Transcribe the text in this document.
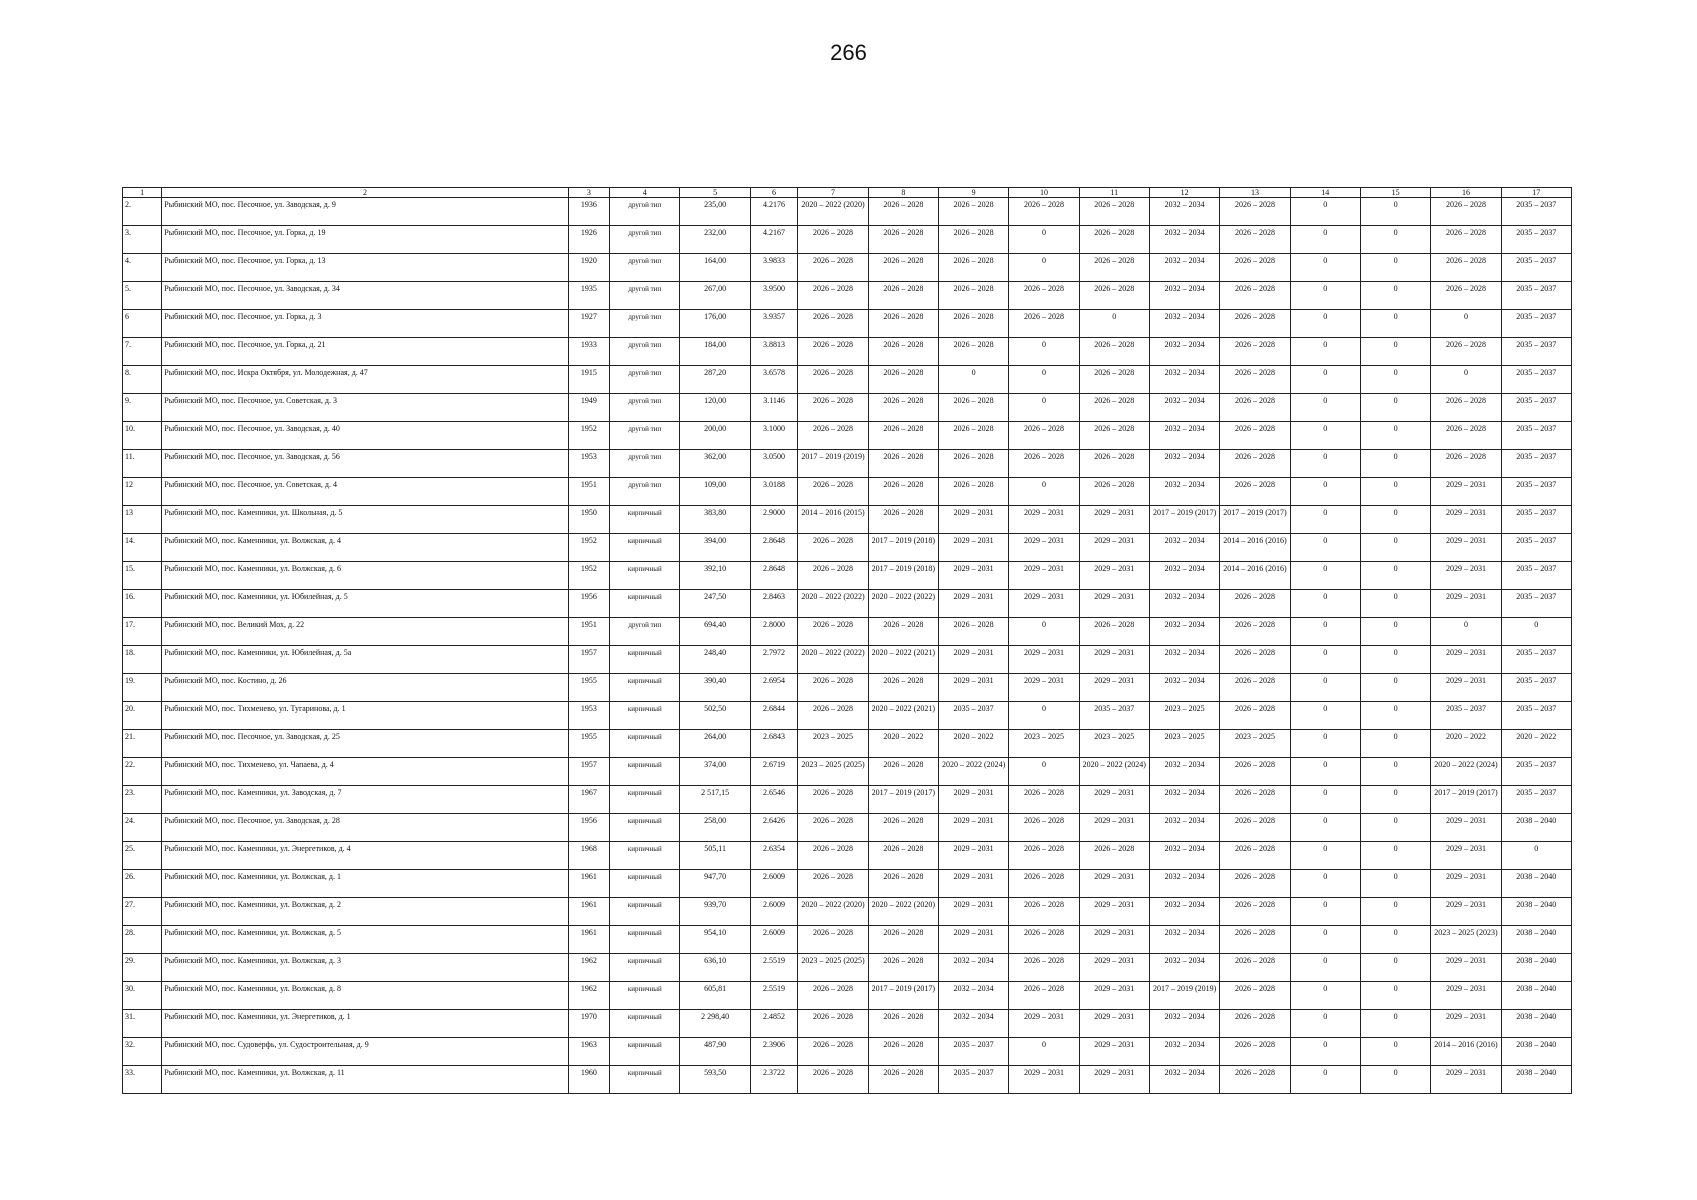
266
1	2	3	4	5	6	7	8	9	10	11	12	13	14	15	16	17
2.	Рыбинский МО, пос. Песочное, ул. Заводская, д. 9	1936	другой тип	235,00	4.2176	2020 – 2022 (2020)	2026 – 2028	2026 – 2028	2026 – 2028	2026 – 2028	2032 – 2034	2026 – 2028	0	0	2026 – 2028	2035 – 2037
3.	Рыбинский МО, пос. Песочное, ул. Горка, д. 19	1926	другой тип	232,00	4.2167	2026 – 2028	2026 – 2028	2026 – 2028	0	2026 – 2028	2032 – 2034	2026 – 2028	0	0	2026 – 2028	2035 – 2037
4.	Рыбинский МО, пос. Песочное, ул. Горка, д. 13	1920	другой тип	164,00	3.9833	2026 – 2028	2026 – 2028	2026 – 2028	0	2026 – 2028	2032 – 2034	2026 – 2028	0	0	2026 – 2028	2035 – 2037
5.	Рыбинский МО, пос. Песочное, ул. Заводская, д. 34	1935	другой тип	267,00	3.9500	2026 – 2028	2026 – 2028	2026 – 2028	2026 – 2028	2026 – 2028	2032 – 2034	2026 – 2028	0	0	2026 – 2028	2035 – 2037
6	Рыбинский МО, пос. Песочное, ул. Горка, д. 3	1927	другой тип	176,00	3.9357	2026 – 2028	2026 – 2028	2026 – 2028	2026 – 2028	0	2032 – 2034	2026 – 2028	0	0	0	2035 – 2037
7.	Рыбинский МО, пос. Песочное, ул. Горка, д. 21	1933	другой тип	184,00	3.8813	2026 – 2028	2026 – 2028	2026 – 2028	0	2026 – 2028	2032 – 2034	2026 – 2028	0	0	2026 – 2028	2035 – 2037
8.	Рыбинский МО, пос. Искра Октября, ул. Молодежная, д. 47	1915	другой тип	287,20	3.6578	2026 – 2028	2026 – 2028	0	0	2026 – 2028	2032 – 2034	2026 – 2028	0	0	0	2035 – 2037
9.	Рыбинский МО, пос. Песочное, ул. Советская, д. 3	1949	другой тип	120,00	3.1146	2026 – 2028	2026 – 2028	2026 – 2028	0	2026 – 2028	2032 – 2034	2026 – 2028	0	0	2026 – 2028	2035 – 2037
10.	Рыбинский МО, пос. Песочное, ул. Заводская, д. 40	1952	другой тип	200,00	3.1000	2026 – 2028	2026 – 2028	2026 – 2028	2026 – 2028	2026 – 2028	2032 – 2034	2026 – 2028	0	0	2026 – 2028	2035 – 2037
11.	Рыбинский МО, пос. Песочное, ул. Заводская, д. 56	1953	другой тип	362,00	3.0500	2017 – 2019 (2019)	2026 – 2028	2026 – 2028	2026 – 2028	2026 – 2028	2032 – 2034	2026 – 2028	0	0	2026 – 2028	2035 – 2037
12	Рыбинский МО, пос. Песочное, ул. Советская, д. 4	1951	другой тип	109,00	3.0188	2026 – 2028	2026 – 2028	2026 – 2028	0	2026 – 2028	2032 – 2034	2026 – 2028	0	0	2029 – 2031	2035 – 2037
13	Рыбинский МО, пос. Каменники, ул. Школьная, д. 5	1950	кирпичный	383,80	2.9000	2014 – 2016 (2015)	2026 – 2028	2029 – 2031	2029 – 2031	2029 – 2031	2017 – 2019 (2017)	2017 – 2019 (2017)	0	0	2029 – 2031	2035 – 2037
14.	Рыбинский МО, пос. Каменники, ул. Волжская, д. 4	1952	кирпичный	394,00	2.8648	2026 – 2028	2017 – 2019 (2018)	2029 – 2031	2029 – 2031	2029 – 2031	2032 – 2034	2014 – 2016 (2016)	0	0	2029 – 2031	2035 – 2037
15.	Рыбинский МО, пос. Каменники, ул. Волжская, д. 6	1952	кирпичный	392,10	2.8648	2026 – 2028	2017 – 2019 (2018)	2029 – 2031	2029 – 2031	2029 – 2031	2032 – 2034	2014 – 2016 (2016)	0	0	2029 – 2031	2035 – 2037
16.	Рыбинский МО, пос. Каменники, ул. Юбилейная, д. 5	1956	кирпичный	247,50	2.8463	2020 – 2022 (2022)	2020 – 2022 (2022)	2029 – 2031	2029 – 2031	2029 – 2031	2032 – 2034	2026 – 2028	0	0	2029 – 2031	2035 – 2037
17.	Рыбинский МО, пос. Великий Мох, д. 22	1951	другой тип	694,40	2.8000	2026 – 2028	2026 – 2028	2026 – 2028	0	2026 – 2028	2032 – 2034	2026 – 2028	0	0	0	0
18.	Рыбинский МО, пос. Каменники, ул. Юбилейная, д. 5а	1957	кирпичный	248,40	2.7972	2020 – 2022 (2022)	2020 – 2022 (2021)	2029 – 2031	2029 – 2031	2029 – 2031	2032 – 2034	2026 – 2028	0	0	2029 – 2031	2035 – 2037
19.	Рыбинский МО, пос. Костино, д. 26	1955	кирпичный	390,40	2.6954	2026 – 2028	2026 – 2028	2029 – 2031	2029 – 2031	2029 – 2031	2032 – 2034	2026 – 2028	0	0	2029 – 2031	2035 – 2037
20.	Рыбинский МО, пос. Тихменево, ул. Тугаринова, д. 1	1953	кирпичный	502,50	2.6844	2026 – 2028	2020 – 2022 (2021)	2035 – 2037	0	2035 – 2037	2023 – 2025	2026 – 2028	0	0	2035 – 2037	2035 – 2037
21.	Рыбинский МО, пос. Песочное, ул. Заводская, д. 25	1955	кирпичный	264,00	2.6843	2023 – 2025	2020 – 2022	2020 – 2022	2023 – 2025	2023 – 2025	2023 – 2025	2023 – 2025	0	0	2020 – 2022	2020 – 2022
22.	Рыбинский МО, пос. Тихменево, ул. Чапаева, д. 4	1957	кирпичный	374,00	2.6719	2023 – 2025 (2025)	2026 – 2028	2020 – 2022 (2024)	0	2020 – 2022 (2024)	2032 – 2034	2026 – 2028	0	0	2020 – 2022 (2024)	2035 – 2037
23.	Рыбинский МО, пос. Каменники, ул. Заводская, д. 7	1967	кирпичный	2 517,15	2.6546	2026 – 2028	2017 – 2019 (2017)	2029 – 2031	2026 – 2028	2029 – 2031	2032 – 2034	2026 – 2028	0	0	2017 – 2019 (2017)	2035 – 2037
24.	Рыбинский МО, пос. Песочное, ул. Заводская, д. 28	1956	кирпичный	258,00	2.6426	2026 – 2028	2026 – 2028	2029 – 2031	2026 – 2028	2029 – 2031	2032 – 2034	2026 – 2028	0	0	2029 – 2031	2038 – 2040
25.	Рыбинский МО, пос. Каменники, ул. Энергетиков, д. 4	1968	кирпичный	505,11	2.6354	2026 – 2028	2026 – 2028	2029 – 2031	2026 – 2028	2026 – 2028	2032 – 2034	2026 – 2028	0	0	2029 – 2031	0
26.	Рыбинский МО, пос. Каменники, ул. Волжская, д. 1	1961	кирпичный	947,70	2.6009	2026 – 2028	2026 – 2028	2029 – 2031	2026 – 2028	2029 – 2031	2032 – 2034	2026 – 2028	0	0	2029 – 2031	2038 – 2040
27.	Рыбинский МО, пос. Каменники, ул. Волжская, д. 2	1961	кирпичный	939,70	2.6009	2020 – 2022 (2020)	2020 – 2022 (2020)	2029 – 2031	2026 – 2028	2029 – 2031	2032 – 2034	2026 – 2028	0	0	2029 – 2031	2038 – 2040
28.	Рыбинский МО, пос. Каменники, ул. Волжская, д. 5	1961	кирпичный	954,10	2.6009	2026 – 2028	2026 – 2028	2029 – 2031	2026 – 2028	2029 – 2031	2032 – 2034	2026 – 2028	0	0	2023 – 2025 (2023)	2038 – 2040
29.	Рыбинский МО, пос. Каменники, ул. Волжская, д. 3	1962	кирпичный	636,10	2.5519	2023 – 2025 (2025)	2026 – 2028	2032 – 2034	2026 – 2028	2029 – 2031	2032 – 2034	2026 – 2028	0	0	2029 – 2031	2038 – 2040
30.	Рыбинский МО, пос. Каменники, ул. Волжская, д. 8	1962	кирпичный	605,81	2.5519	2026 – 2028	2017 – 2019 (2017)	2032 – 2034	2026 – 2028	2029 – 2031	2017 – 2019 (2019)	2026 – 2028	0	0	2029 – 2031	2038 – 2040
31.	Рыбинский МО, пос. Каменники, ул. Энергетиков, д. 1	1970	кирпичный	2 298,40	2.4852	2026 – 2028	2026 – 2028	2032 – 2034	2029 – 2031	2029 – 2031	2032 – 2034	2026 – 2028	0	0	2029 – 2031	2038 – 2040
32.	Рыбинский МО, пос. Судоверфь, ул. Судостроительная, д. 9	1963	кирпичный	487,90	2.3906	2026 – 2028	2026 – 2028	2035 – 2037	0	2029 – 2031	2032 – 2034	2026 – 2028	0	0	2014 – 2016 (2016)	2038 – 2040
33.	Рыбинский МО, пос. Каменники, ул. Волжская, д. 11	1960	кирпичный	593,50	2.3722	2026 – 2028	2026 – 2028	2035 – 2037	2029 – 2031	2029 – 2031	2032 – 2034	2026 – 2028	0	0	2029 – 2031	2038 – 2040
